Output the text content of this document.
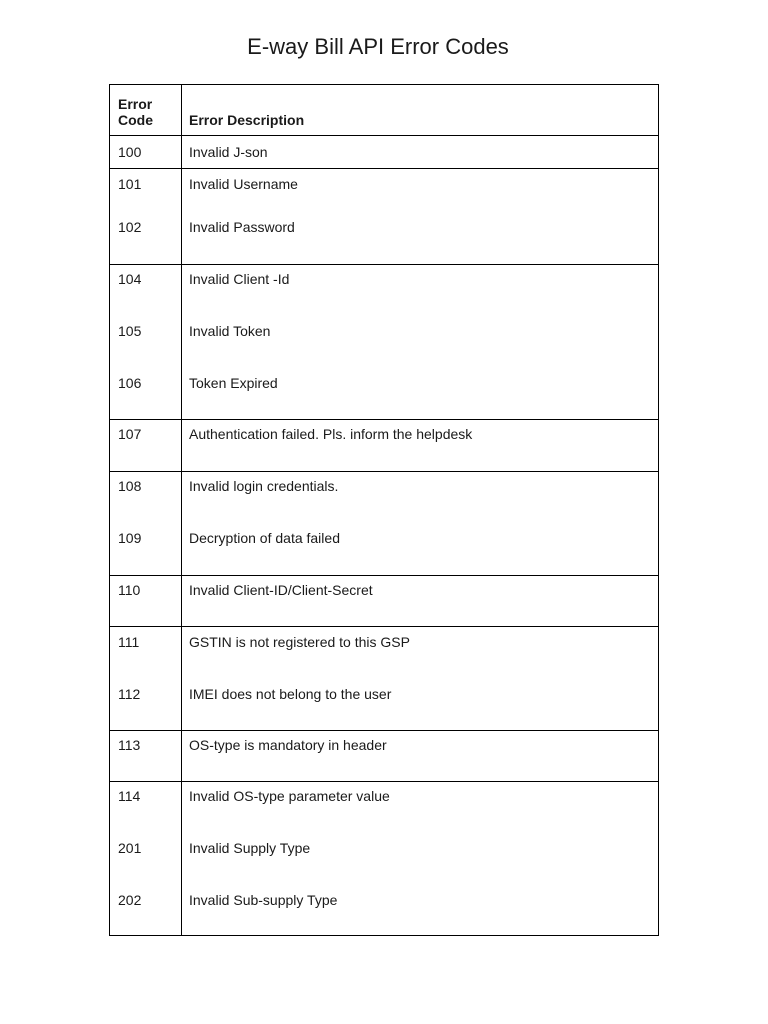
E-way Bill API Error Codes
Error
Code	Error Description
100	Invalid J-son
101	Invalid Username
102	Invalid Password
104	Invalid Client -Id
105	Invalid Token
106	Token Expired
107	Authentication failed. Pls. inform the helpdesk
108	Invalid login credentials.
109	Decryption of data failed
110	Invalid Client-ID/Client-Secret
111	GSTIN is not registered to this GSP
112	IMEI does not belong to the user
113	OS-type is mandatory in header
114	Invalid OS-type parameter value
201	Invalid Supply Type
202	Invalid Sub-supply Type
